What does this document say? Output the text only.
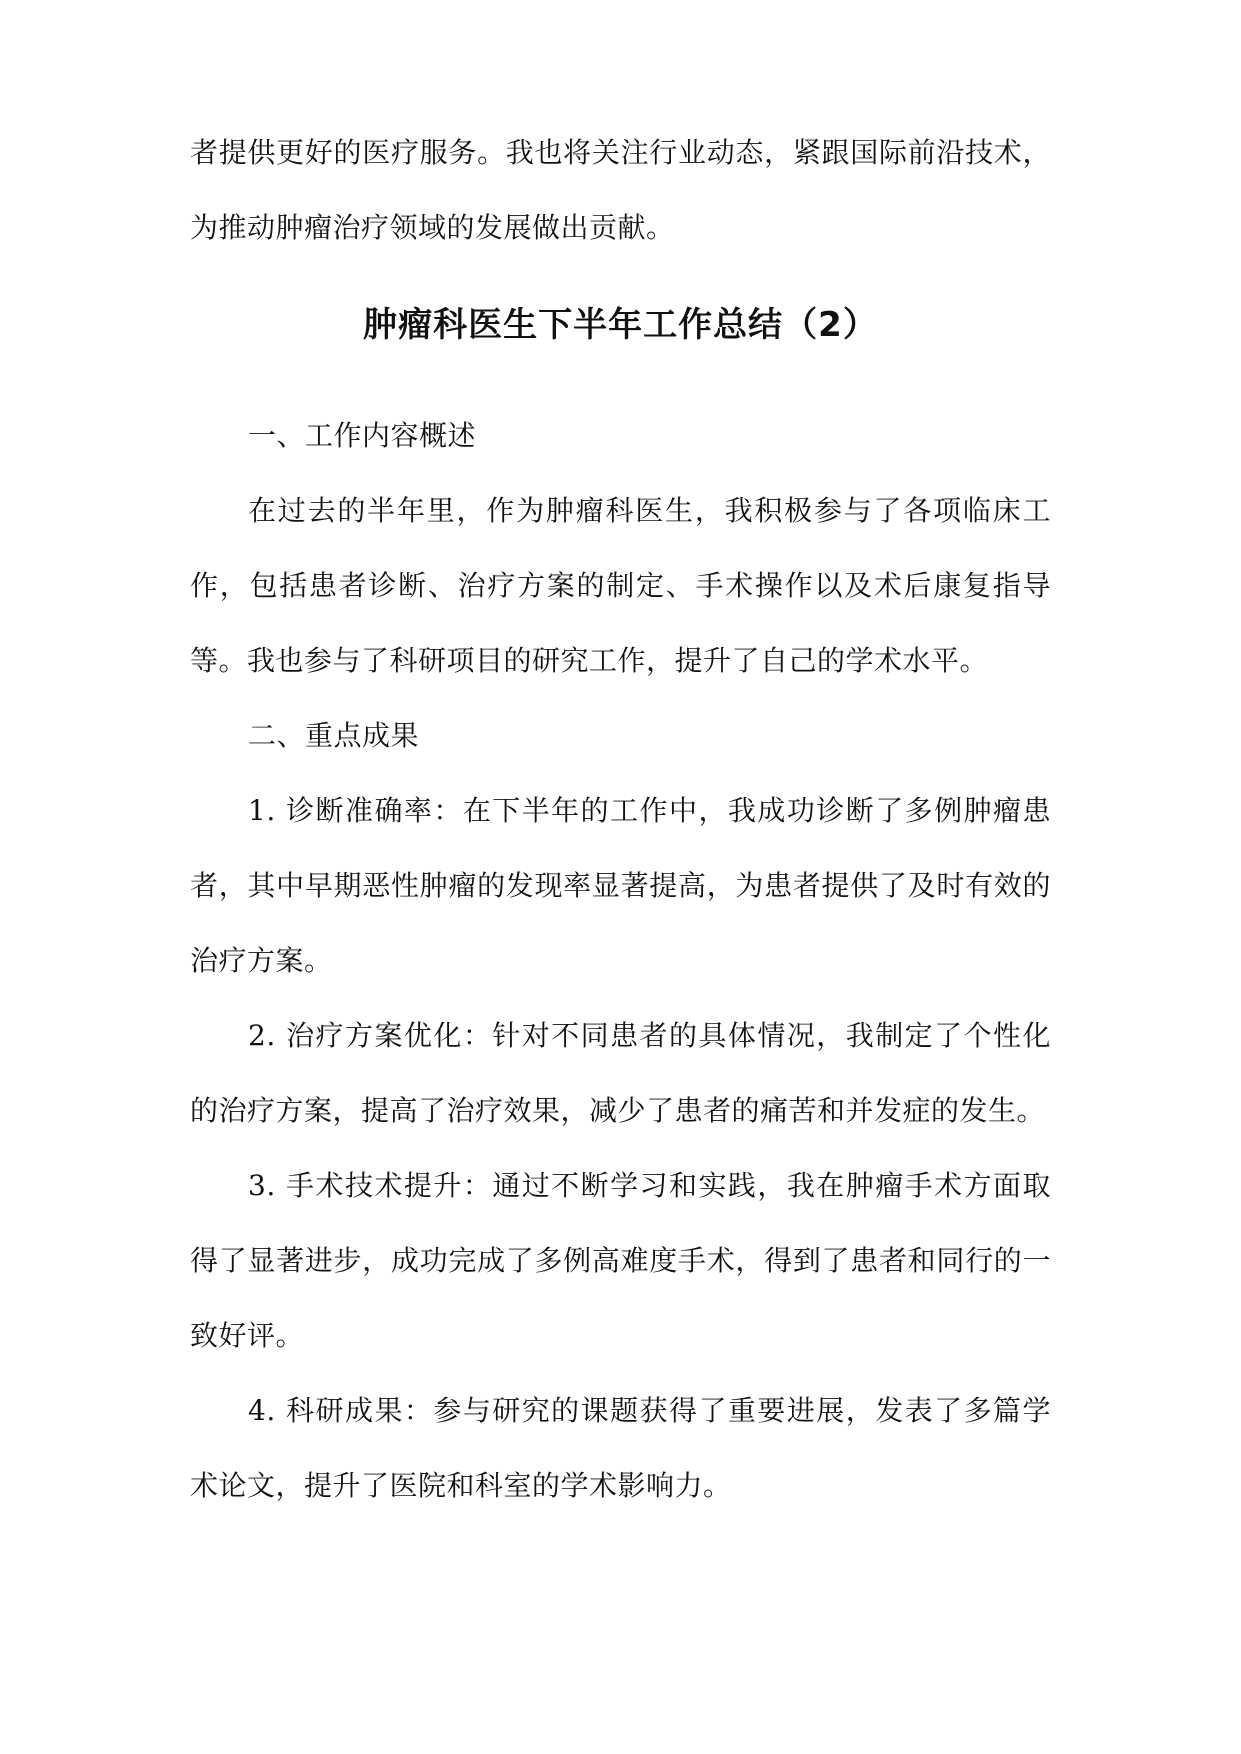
者提供更好的医疗服务。我也将关注行业动态，紧跟国际前沿技术，为推动肿瘤治疗领域的发展做出贡献。

肿瘤科医生下半年工作总结（2）

一、工作内容概述

在过去的半年里，作为肿瘤科医生，我积极参与了各项临床工作，包括患者诊断、治疗方案的制定、手术操作以及术后康复指导等。我也参与了科研项目的研究工作，提升了自己的学术水平。

二、重点成果

1. 诊断准确率：在下半年的工作中，我成功诊断了多例肿瘤患者，其中早期恶性肿瘤的发现率显著提高，为患者提供了及时有效的治疗方案。

2. 治疗方案优化：针对不同患者的具体情况，我制定了个性化的治疗方案，提高了治疗效果，减少了患者的痛苦和并发症的发生。

3. 手术技术提升：通过不断学习和实践，我在肿瘤手术方面取得了显著进步，成功完成了多例高难度手术，得到了患者和同行的一致好评。

4. 科研成果：参与研究的课题获得了重要进展，发表了多篇学术论文，提升了医院和科室的学术影响力。
